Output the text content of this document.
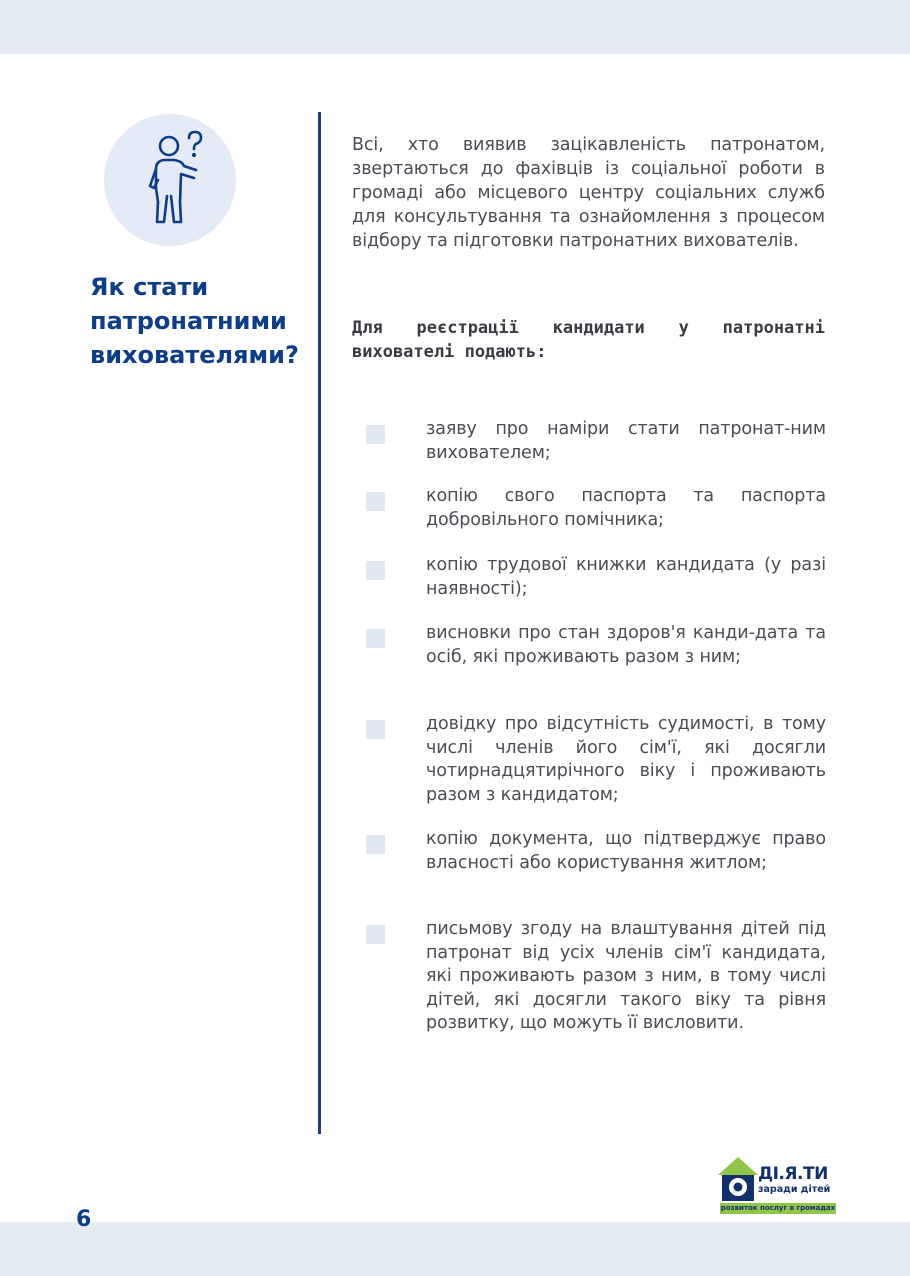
Як стати патронатними вихователями?

Всі, хто виявив зацікавленість патронатом, звертаються до фахівців із соціальної роботи в громаді або місцевого центру соціальних служб для консультування та ознайомлення з процесом відбору та підготовки патронатних вихователів.

Для реєстрації кандидати у патронатні вихователі подають:

заяву про наміри стати патронат-ним вихователем;
копію свого паспорта та паспорта добровільного помічника;
копію трудової книжки кандидата (у разі наявності);
висновки про стан здоров'я канди-дата та осіб, які проживають разом з ним;
довідку про відсутність судимості, в тому числі членів його сім'ї, які досягли чотирнадцятирічного віку і проживають разом з кандидатом;
копію документа, що підтверджує право власності або користування житлом;
письмову згоду на влаштування дітей під патронат від усіх членів сім'ї кандидата, які проживають разом з ним, в тому числі дітей, які досягли такого віку та рівня розвитку, що можуть її висловити.
ДІ.Я.ТИ
заради дітей
розвиток послуг в громадах
6
